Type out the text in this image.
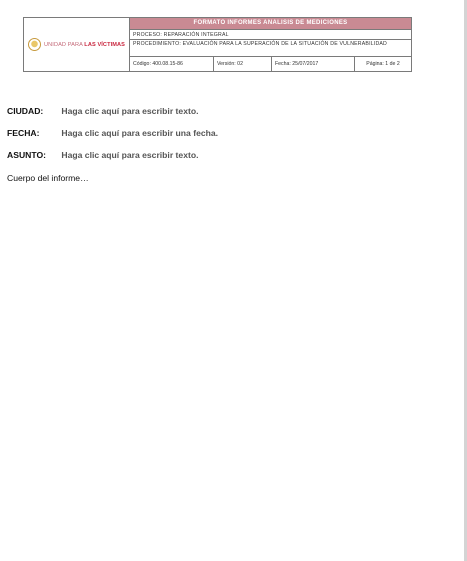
UNIDAD PARA LAS VÍCTIMAS
FORMATO INFORMES ANALISIS DE MEDICIONES
PROCESO: REPARACIÓN INTEGRAL
PROCEDIMIENTO: EVALUACIÓN PARA LA SUPERACIÓN DE LA SITUACIÓN DE VULNERABILIDAD
Código: 400.08.15-86	Versión: 02	Fecha: 25/07/2017	Página: 1 de 2
CIUDAD: Haga clic aquí para escribir texto.
FECHA:	Haga clic aquí para escribir una fecha.
ASUNTO: Haga clic aquí para escribir texto.
Cuerpo del informe…
